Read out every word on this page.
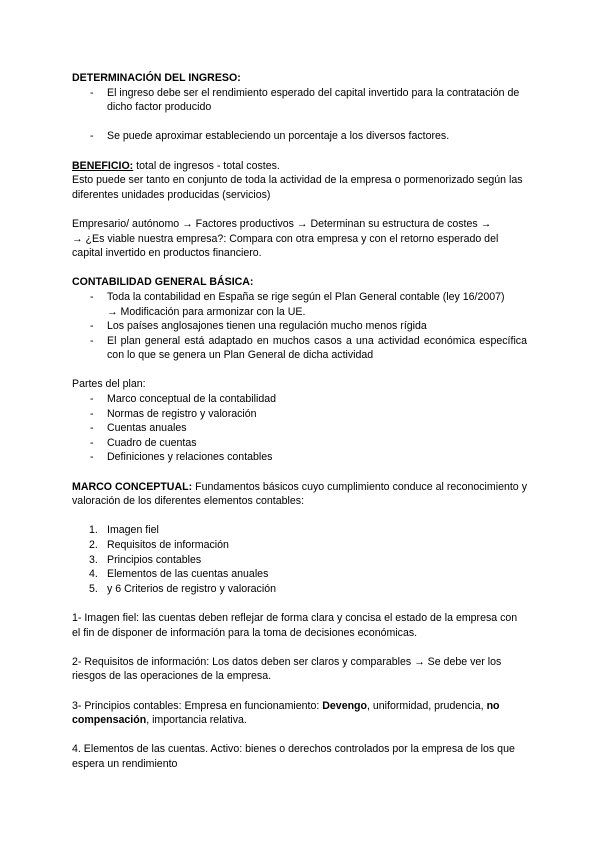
DETERMINACIÓN DEL INGRESO:

- El ingreso debe ser el rendimiento esperado del capital invertido para la contratación de dicho factor producido
- Se puede aproximar estableciendo un porcentaje a los diversos factores.

BENEFICIO: total de ingresos - total costes.

Esto puede ser tanto en conjunto de toda la actividad de la empresa o pormenorizado según las diferentes unidades producidas (servicios)

Empresario/ autónomo → Factores productivos → Determinan su estructura de costes →

→ ¿Es viable nuestra empresa?: Compara con otra empresa y con el retorno esperado del capital invertido en productos financiero.

CONTABILIDAD GENERAL BÁSICA:

- Toda la contabilidad en España se rige según el Plan General contable (ley 16/2007)
→ Modificación para armonizar con la UE.
- Los países anglosajones tienen una regulación mucho menos rígida
- El plan general está adaptado en muchos casos a una actividad económica específica con lo que se genera un Plan General de dicha actividad

Partes del plan:

- Marco conceptual de la contabilidad
- Normas de registro y valoración
- Cuentas anuales
- Cuadro de cuentas
- Definiciones y relaciones contables

MARCO CONCEPTUAL: Fundamentos básicos cuyo cumplimiento conduce al reconocimiento y valoración de los diferentes elementos contables:

1. Imagen fiel
2. Requisitos de información
3. Principios contables
4. Elementos de las cuentas anuales
5. y 6 Criterios de registro y valoración

1- Imagen fiel: las cuentas deben reflejar de forma clara y concisa el estado de la empresa con el fin de disponer de información para la toma de decisiones económicas.

2- Requisitos de información: Los datos deben ser claros y comparables → Se debe ver los riesgos de las operaciones de la empresa.

3- Principios contables: Empresa en funcionamiento: Devengo, uniformidad, prudencia, no compensación, importancia relativa.

4. Elementos de las cuentas. Activo: bienes o derechos controlados por la empresa de los que espera un rendimiento
